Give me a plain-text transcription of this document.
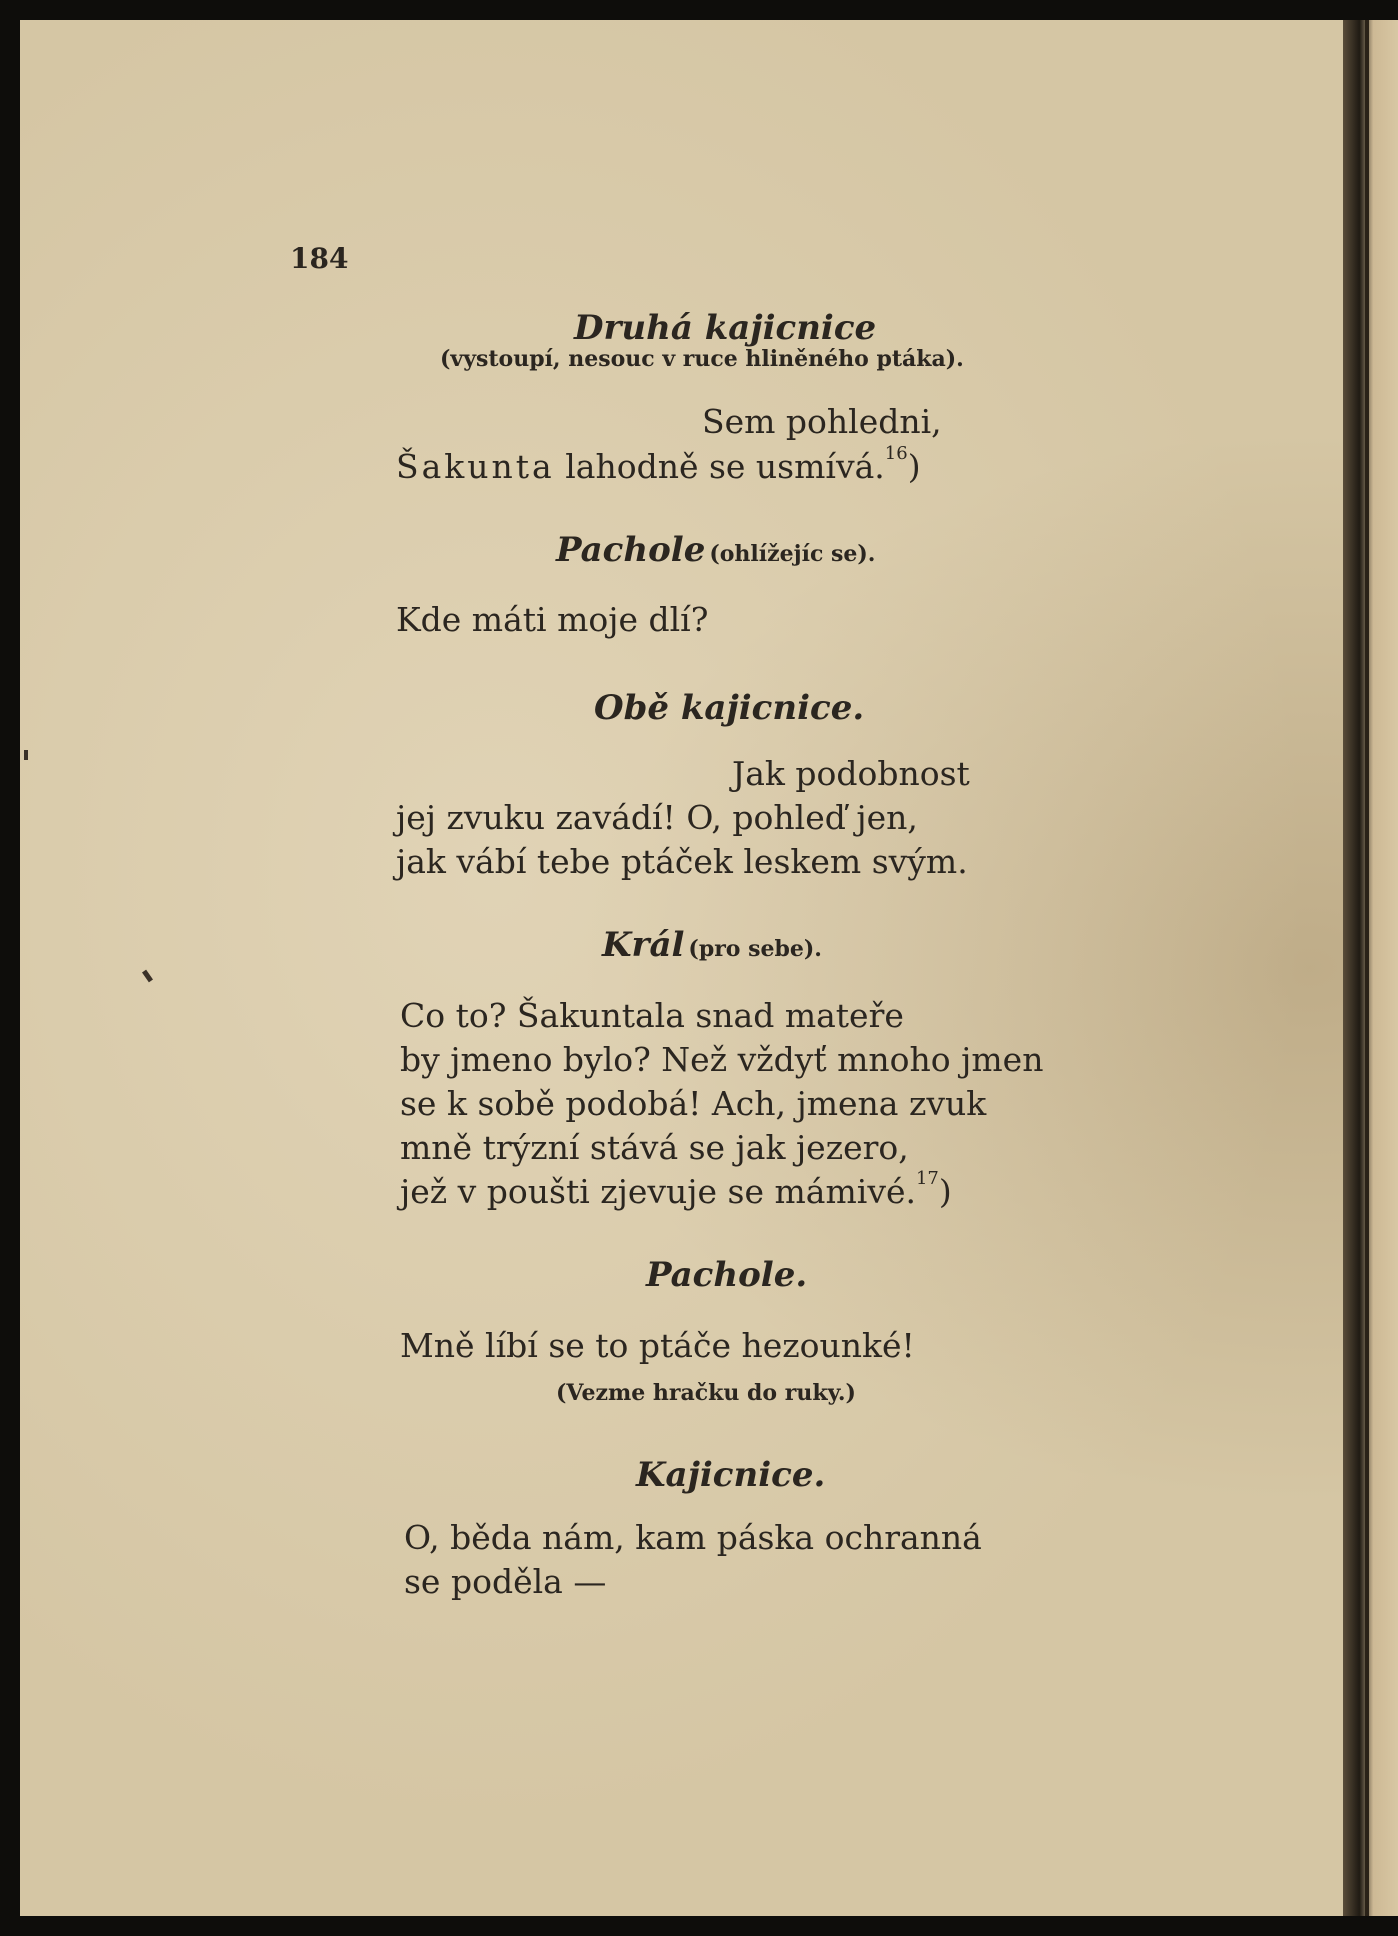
184
Druhá kajicnice
(vystoupí, nesouc v ruce hliněného ptáka).
Sem pohledni,
Šakunta lahodně se usmívá.$^{16}$)
Pachole (ohlížejíc se).
Kde máti moje dlí?
Obě kajicnice.
Jak podobnost
jej zvuku zavádí! O, pohleď jen,
jak vábí tebe ptáček leskem svým.
Král (pro sebe).
Co to? Šakuntala snad mateře
by jmeno bylo? Než vždyť mnoho jmen
se k sobě podobá! Ach, jmena zvuk
mně trýzní stává se jak jezero,
jež v poušti zjevuje se mámivé.$^{17}$)
Pachole.
Mně líbí se to ptáče hezounké!
(Vezme hračku do ruky.)
Kajicnice.
O, běda nám, kam páska ochranná
se poděla —
